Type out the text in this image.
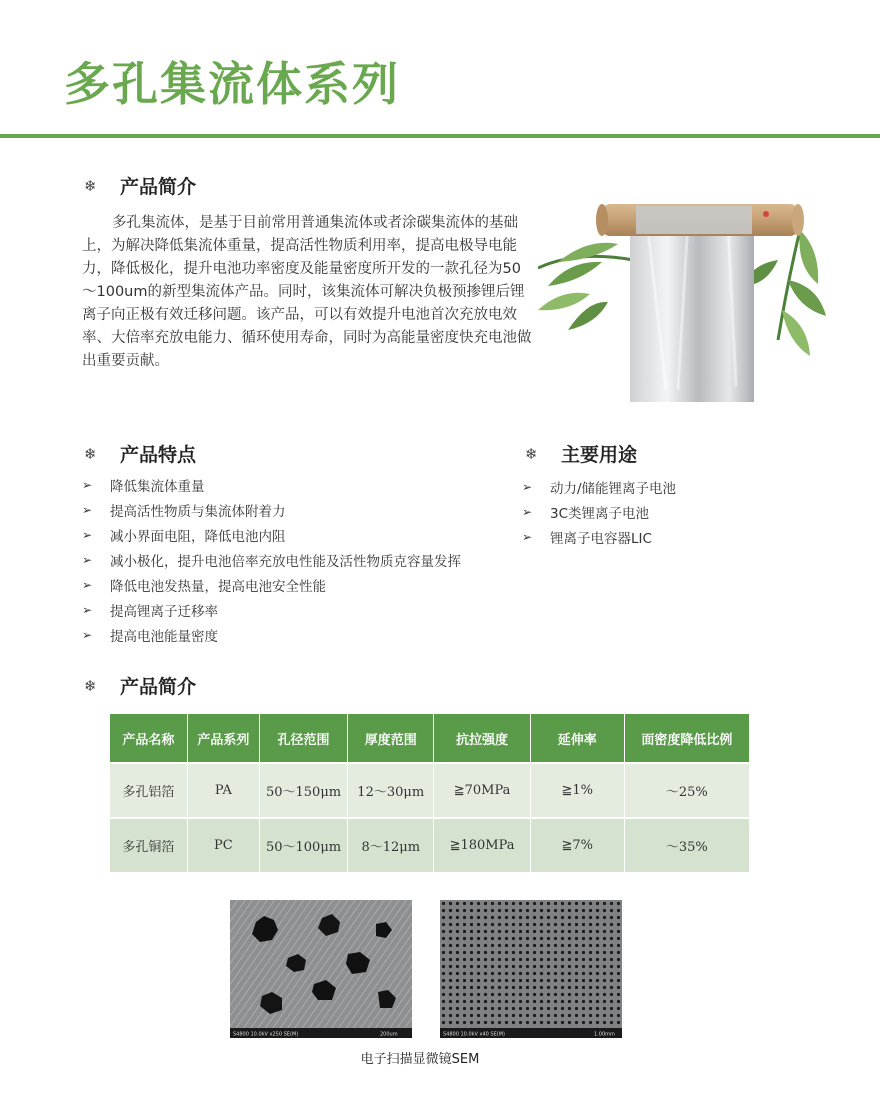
多孔集流体系列
❄	产品简介

多孔集流体，是基于目前常用普通集流体或者涂碳集流体的基础上，为解决降低集流体重量，提高活性物质利用率，提高电极导电能力，降低极化，提升电池功率密度及能量密度所开发的一款孔径为50～100um的新型集流体产品。同时，该集流体可解决负极预掺锂后锂离子向正极有效迁移问题。该产品，可以有效提升电池首次充放电效率、大倍率充放电能力、循环使用寿命，同时为高能量密度快充电池做出重要贡献。

❄	产品特点
➢	降低集流体重量
➢	提高活性物质与集流体附着力
➢	减小界面电阻，降低电池内阻
➢	减小极化，提升电池倍率充放电性能及活性物质克容量发挥
➢	降低电池发热量，提高电池安全性能
➢	提高锂离子迁移率
➢	提高电池能量密度
❄	主要用途
➢	动力/储能锂离子电池
➢	3C类锂离子电池
➢	锂离子电容器LIC
❄	产品简介
产品名称	产品系列	孔径范围	厚度范围	抗拉强度	延伸率	面密度降低比例
多孔铝箔	PA	50～150μm	12～30μm	≧70MPa	≧1%	～25%
多孔铜箔	PC	50～100μm	8～12μm	≧180MPa	≧7%	～35%
S4800 10.0kV x250 SE(M)	200um	S4800 10.0kV x40 SE(M)	1.00mm

电子扫描显微镜SEM
